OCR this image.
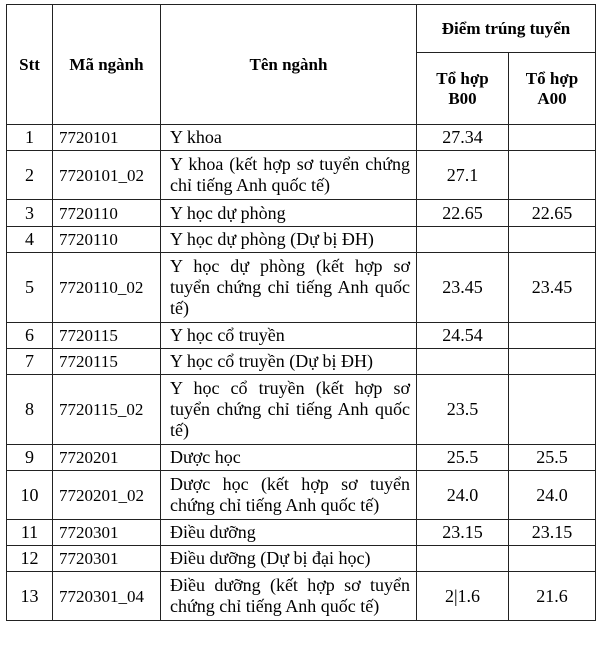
Stt	Mã ngành	Tên ngành	Điểm trúng tuyển	
			Tổ hợp B00	Tổ hợp A00
1	7720101	Y khoa	27.34	
2	7720101_02	Y khoa (kết hợp sơ tuyển chứng chỉ tiếng Anh quốc tế)	27.1	
3	7720110	Y học dự phòng	22.65	22.65
4	7720110	Y học dự phòng (Dự bị ĐH)		
5	7720110_02	Y học dự phòng (kết hợp sơ tuyển chứng chỉ tiếng Anh quốc tế)	23.45	23.45
6	7720115	Y học cổ truyền	24.54	
7	7720115	Y học cổ truyền (Dự bị ĐH)		
8	7720115_02	Y học cổ truyền (kết hợp sơ tuyển chứng chỉ tiếng Anh quốc tế)	23.5	
9	7720201	Dược học	25.5	25.5
10	7720201_02	Dược học (kết hợp sơ tuyển chứng chỉ tiếng Anh quốc tế)	24.0	24.0
11	7720301	Điều dưỡng	23.15	23.15
12	7720301	Điều dưỡng (Dự bị đại học)		
13	7720301_04	Điều dưỡng (kết hợp sơ tuyển chứng chỉ tiếng Anh quốc tế)	2|1.6	21.6
